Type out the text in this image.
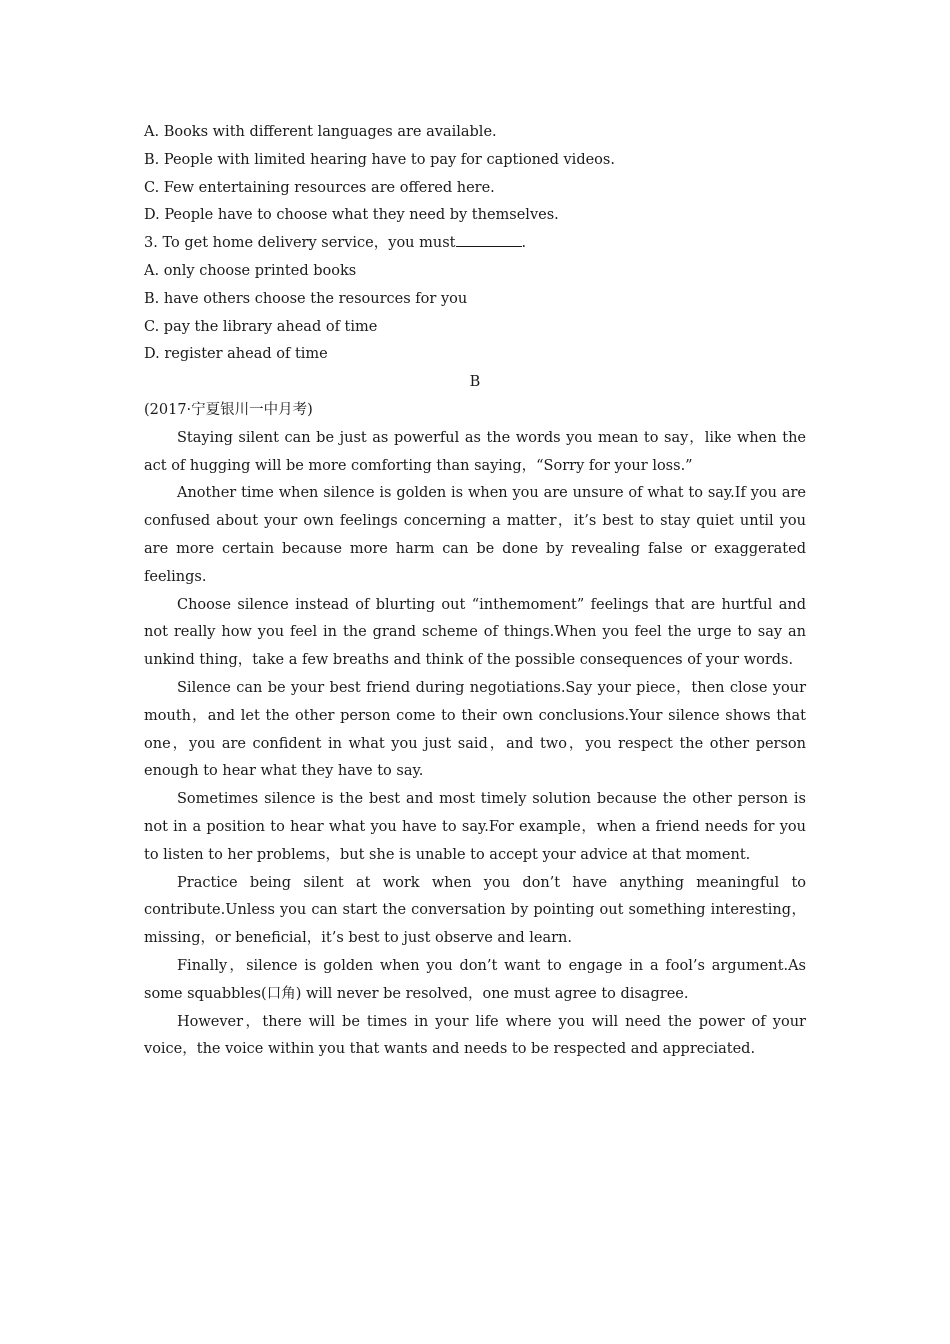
A. Books with different languages are available.

B. People with limited hearing have to pay for captioned videos.

C. Few entertaining resources are offered here.

D. People have to choose what they need by themselves.

3. To get home delivery service，you must	.

A. only choose printed books

B. have others choose the resources for you

C. pay the library ahead of time

D. register ahead of time

B

(2017·宁夏银川一中月考)

Staying silent can be just as powerful as the words you mean to say，like when the act of hugging will be more comforting than saying，“Sorry for your loss.”

Another time when silence is golden is when you are unsure of what to say.If you are confused about your own feelings concerning a matter，it’s best to stay quiet until you are more certain because more harm can be done by revealing false or exaggerated feelings.

Choose silence instead of blurting out “inthemoment” feelings that are hurtful and not really how you feel in the grand scheme of things.When you feel the urge to say an unkind thing，take a few breaths and think of the possible consequences of your words.

Silence can be your best friend during negotiations.Say your piece，then close your mouth，and let the other person come to their own conclusions.Your silence shows that one，you are confident in what you just said，and two，you respect the other person enough to hear what they have to say.

Sometimes silence is the best and most timely solution because the other person is not in a position to hear what you have to say.For example，when a friend needs for you to listen to her problems，but she is unable to accept your advice at that moment.

Practice being silent at work when you don’t have anything meaningful to contribute.Unless you can start the conversation by pointing out something interesting，missing，or beneficial，it’s best to just observe and learn.

Finally，silence is golden when you don’t want to engage in a fool’s argument.As some squabbles(口角) will never be resolved，one must agree to disagree.

However，there will be times in your life where you will need the power of your voice，the voice within you that wants and needs to be respected and appreciated.
